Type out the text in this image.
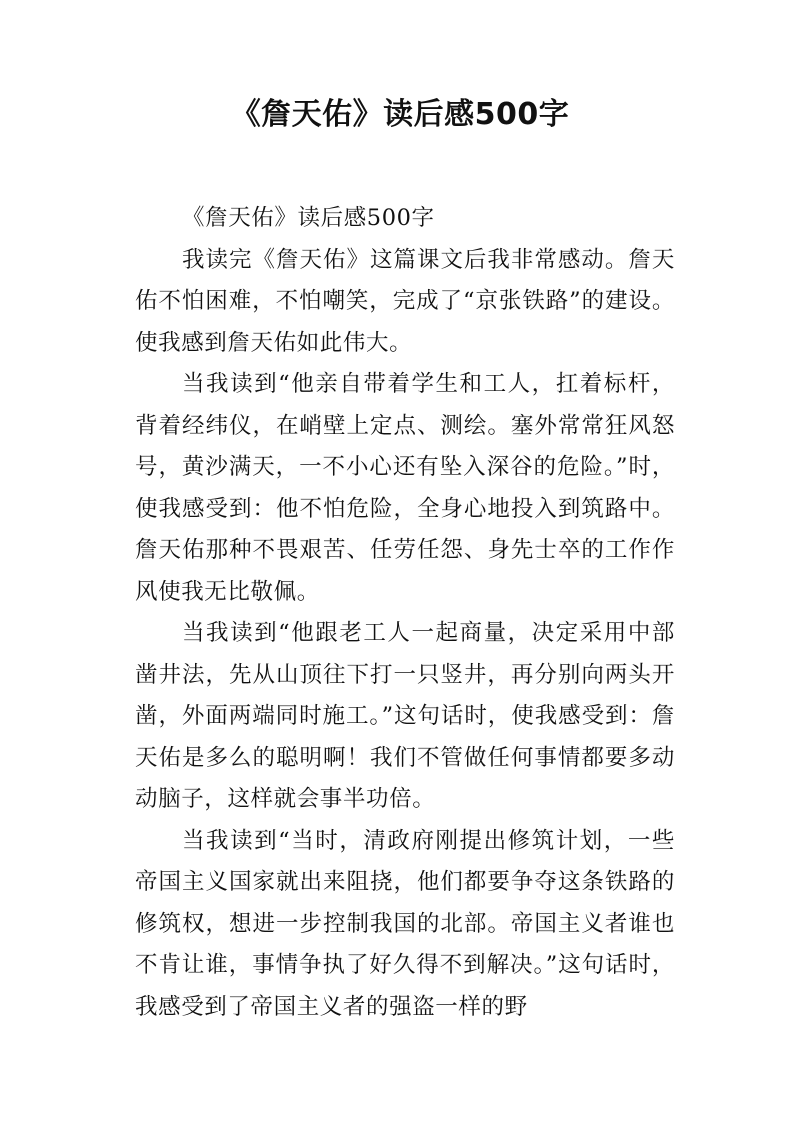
《詹天佑》读后感500字

《詹天佑》读后感500字

我读完《詹天佑》这篇课文后我非常感动。詹天佑不怕困难，不怕嘲笑，完成了“京张铁路”的建设。使我感到詹天佑如此伟大。

当我读到“他亲自带着学生和工人，扛着标杆，背着经纬仪，在峭壁上定点、测绘。塞外常常狂风怒号，黄沙满天，一不小心还有坠入深谷的危险。”时，使我感受到：他不怕危险，全身心地投入到筑路中。詹天佑那种不畏艰苦、任劳任怨、身先士卒的工作作风使我无比敬佩。

当我读到“他跟老工人一起商量，决定采用中部凿井法，先从山顶往下打一只竖井，再分别向两头开凿，外面两端同时施工。”这句话时，使我感受到：詹天佑是多么的聪明啊！我们不管做任何事情都要多动动脑子，这样就会事半功倍。

当我读到“当时，清政府刚提出修筑计划，一些帝国主义国家就出来阻挠，他们都要争夺这条铁路的修筑权，想进一步控制我国的北部。帝国主义者谁也不肯让谁，事情争执了好久得不到解决。”这句话时，我感受到了帝国主义者的强盗一样的野
